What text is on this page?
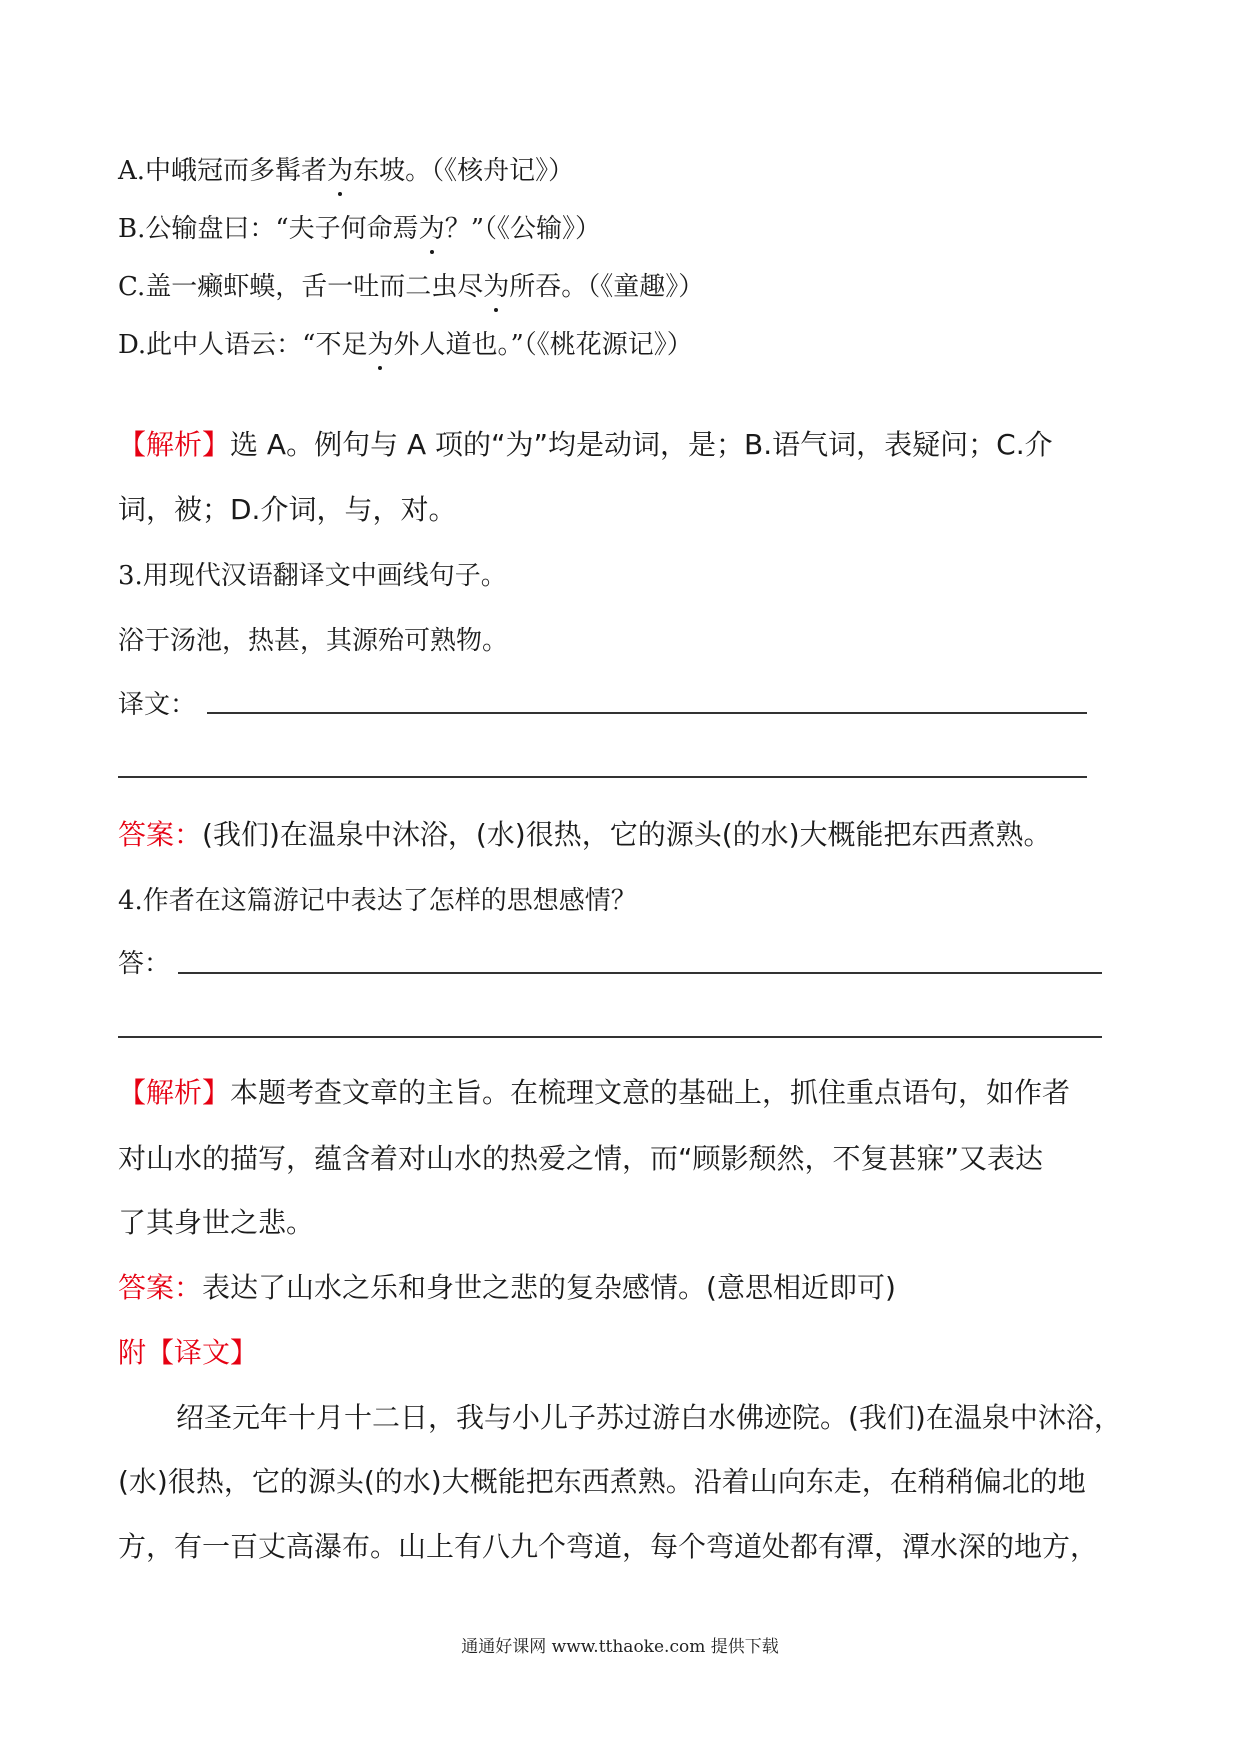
A.中峨冠而多髯者为东坡。（《核舟记》）
B.公输盘曰：“夫子何命焉为？”（《公输》）
C.盖一癞虾蟆，舌一吐而二虫尽为所吞。（《童趣》）
D.此中人语云：“不足为外人道也。”（《桃花源记》）
【解析】选 A。例句与 A 项的“为”均是动词，是；B.语气词，表疑问；C.介
词，被；D.介词，与，对。
3.用现代汉语翻译文中画线句子。
浴于汤池，热甚，其源殆可熟物。
译文：
答案：(我们)在温泉中沐浴，(水)很热，它的源头(的水)大概能把东西煮熟。
4.作者在这篇游记中表达了怎样的思想感情？
答：
【解析】本题考查文章的主旨。在梳理文意的基础上，抓住重点语句，如作者
对山水的描写，蕴含着对山水的热爱之情，而“顾影颓然，不复甚寐”又表达
了其身世之悲。
答案：表达了山水之乐和身世之悲的复杂感情。(意思相近即可)
附【译文】
绍圣元年十月十二日，我与小儿子苏过游白水佛迹院。(我们)在温泉中沐浴，
(水)很热，它的源头(的水)大概能把东西煮熟。沿着山向东走，在稍稍偏北的地
方，有一百丈高瀑布。山上有八九个弯道，每个弯道处都有潭，潭水深的地方，
通通好课网 www.tthaoke.com 提供下载
